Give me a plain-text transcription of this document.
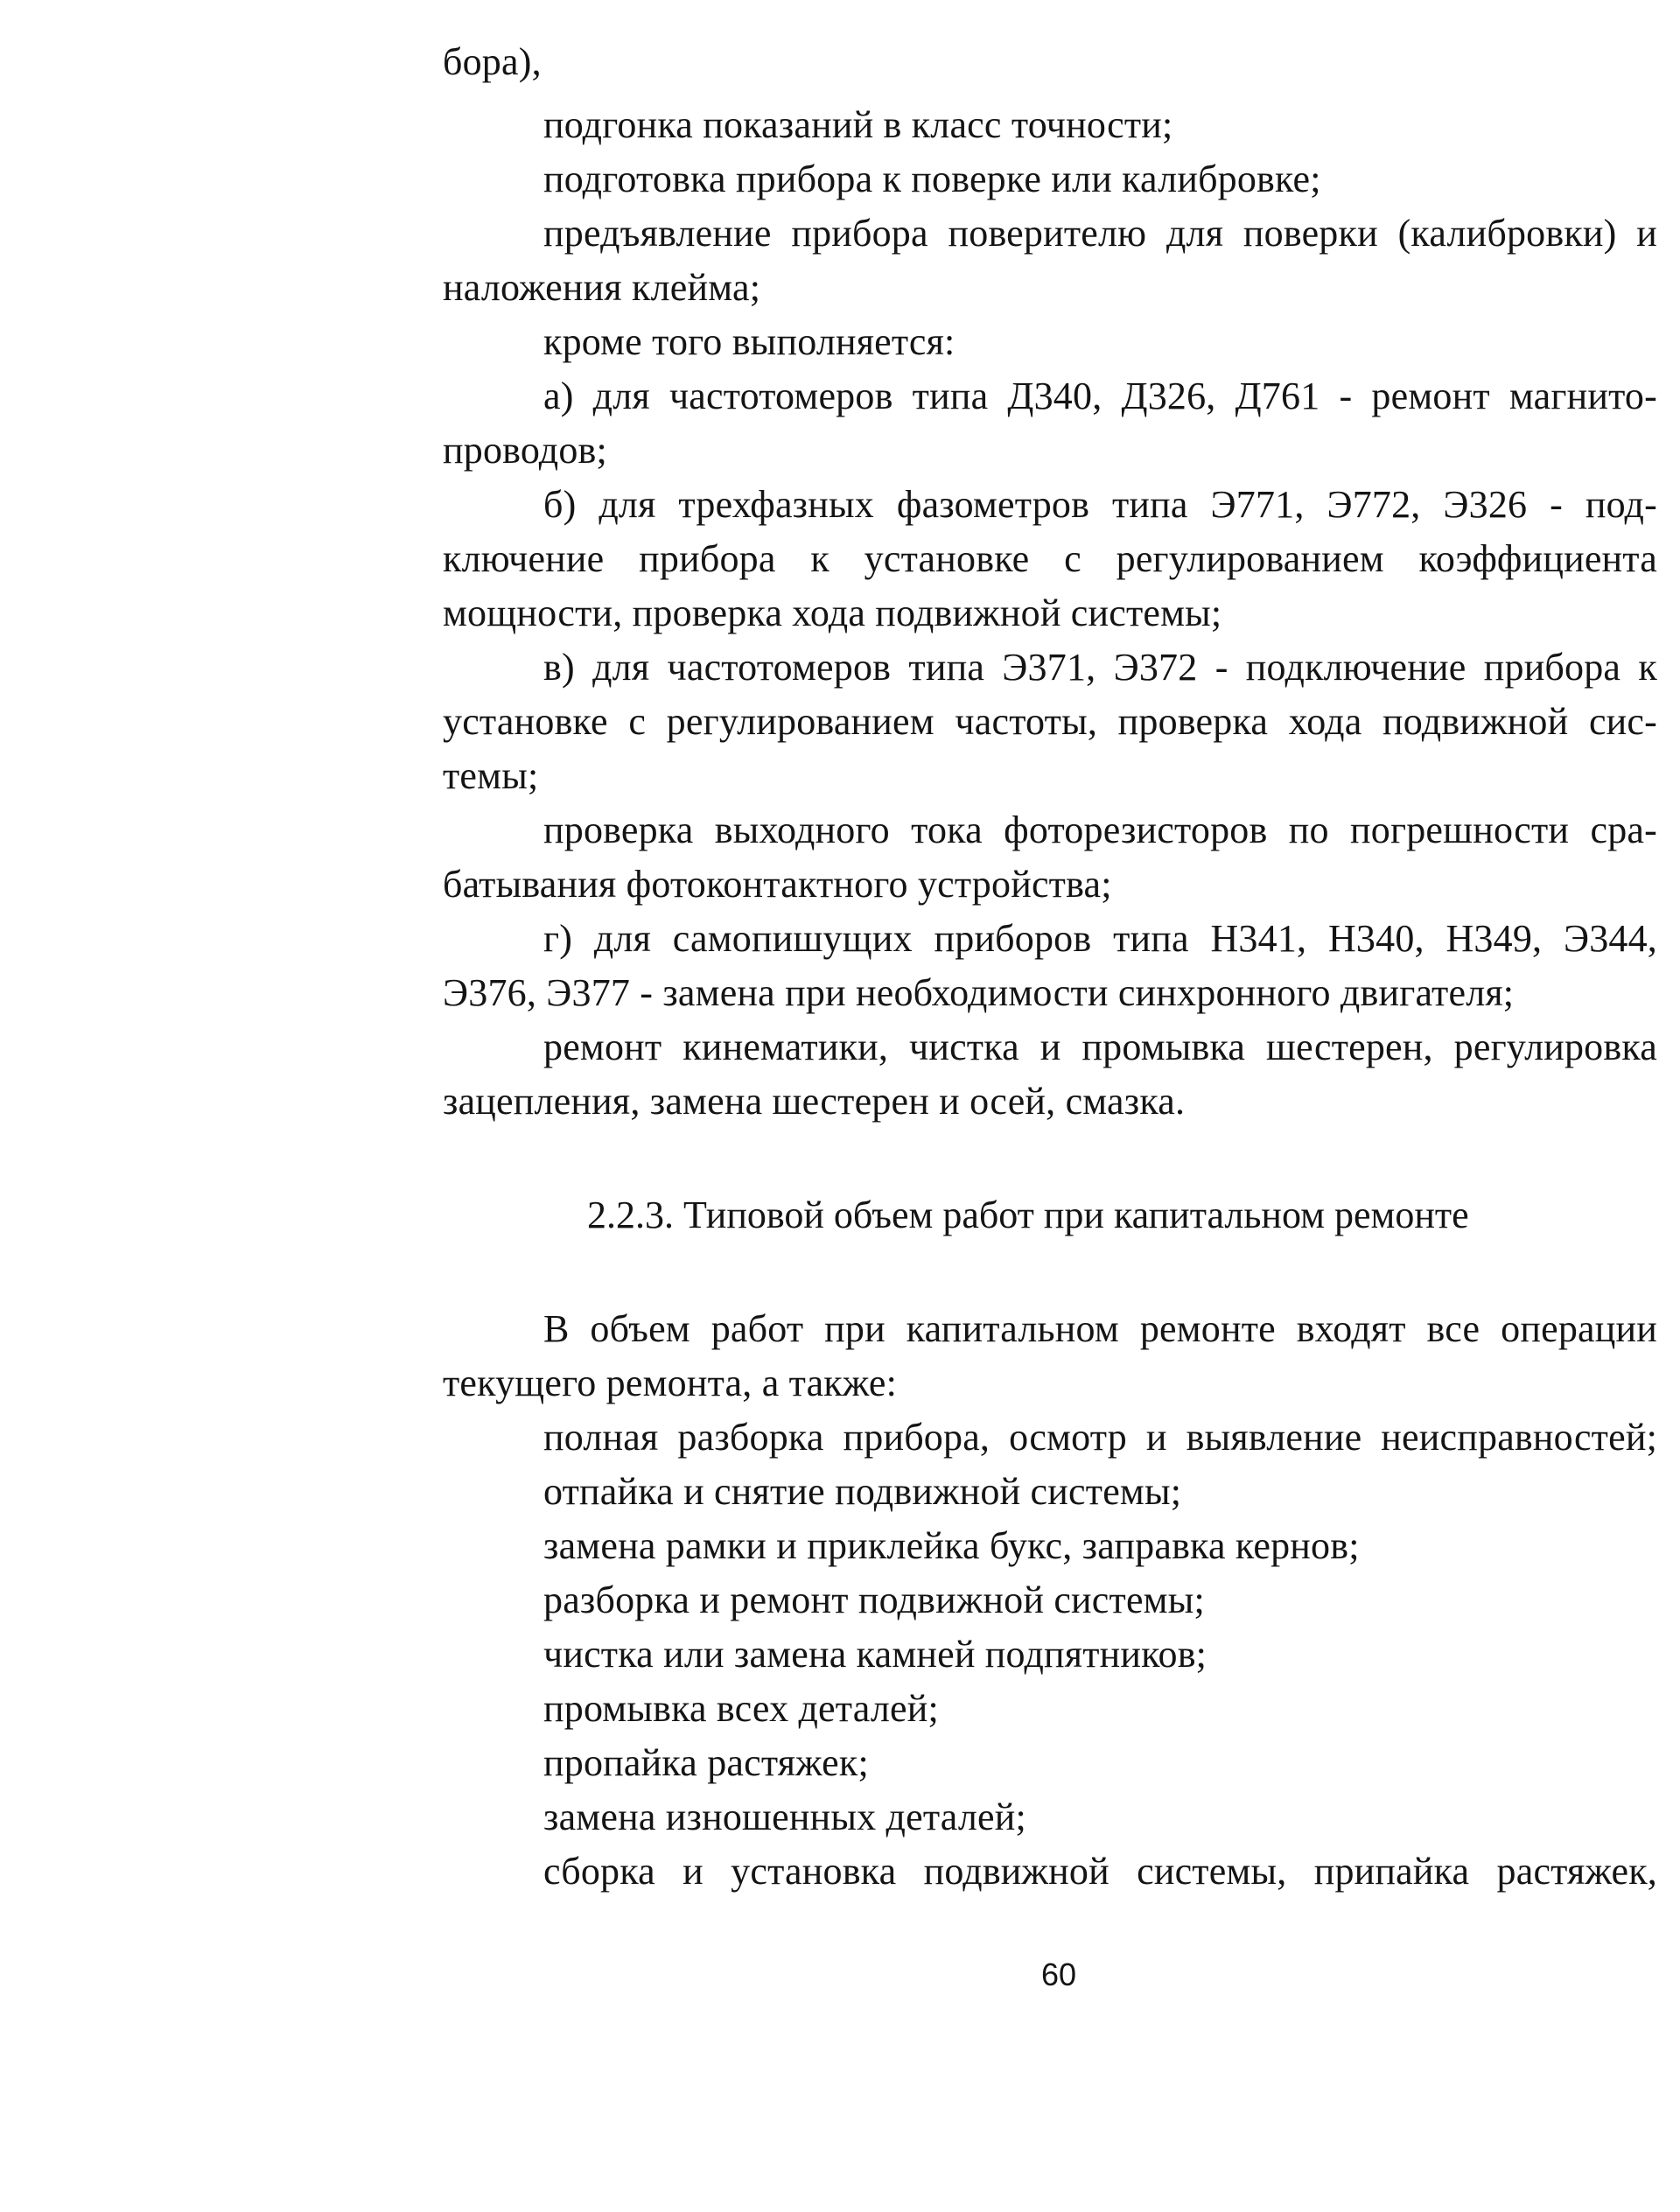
бора),
подгонка показаний в класс точности;
подготовка прибора к поверке или калибровке;
предъявление прибора поверителю для поверки (калибровки) и
наложения клейма;
кроме того выполняется:
а) для частотомеров типа Д340, Д326, Д761 - ремонт магнито-
проводов;
б) для трехфазных фазометров типа Э771, Э772, Э326 - под-
ключение прибора к установке с регулированием коэффициента
мощности, проверка хода подвижной системы;
в) для частотомеров типа Э371, Э372 - подключение прибора к
установке с регулированием частоты, проверка хода подвижной сис-
темы;
проверка выходного тока фоторезисторов по погрешности сра-
батывания фотоконтактного устройства;
г) для самопишущих приборов типа Н341, Н340, Н349, Э344,
Э376, Э377 - замена при необходимости синхронного двигателя;
ремонт кинематики, чистка и промывка шестерен, регулировка
зацепления, замена шестерен и осей, смазка.
2.2.3. Типовой объем работ при капитальном ремонте
В объем работ при капитальном ремонте входят все операции
текущего ремонта, а также:
полная разборка прибора, осмотр и выявление неисправностей;
отпайка и снятие подвижной системы;
замена рамки и приклейка букс, заправка кернов;
разборка и ремонт подвижной системы;
чистка или замена камней подпятников;
промывка всех деталей;
пропайка растяжек;
замена изношенных деталей;
сборка и установка подвижной системы, припайка растяжек,
60
